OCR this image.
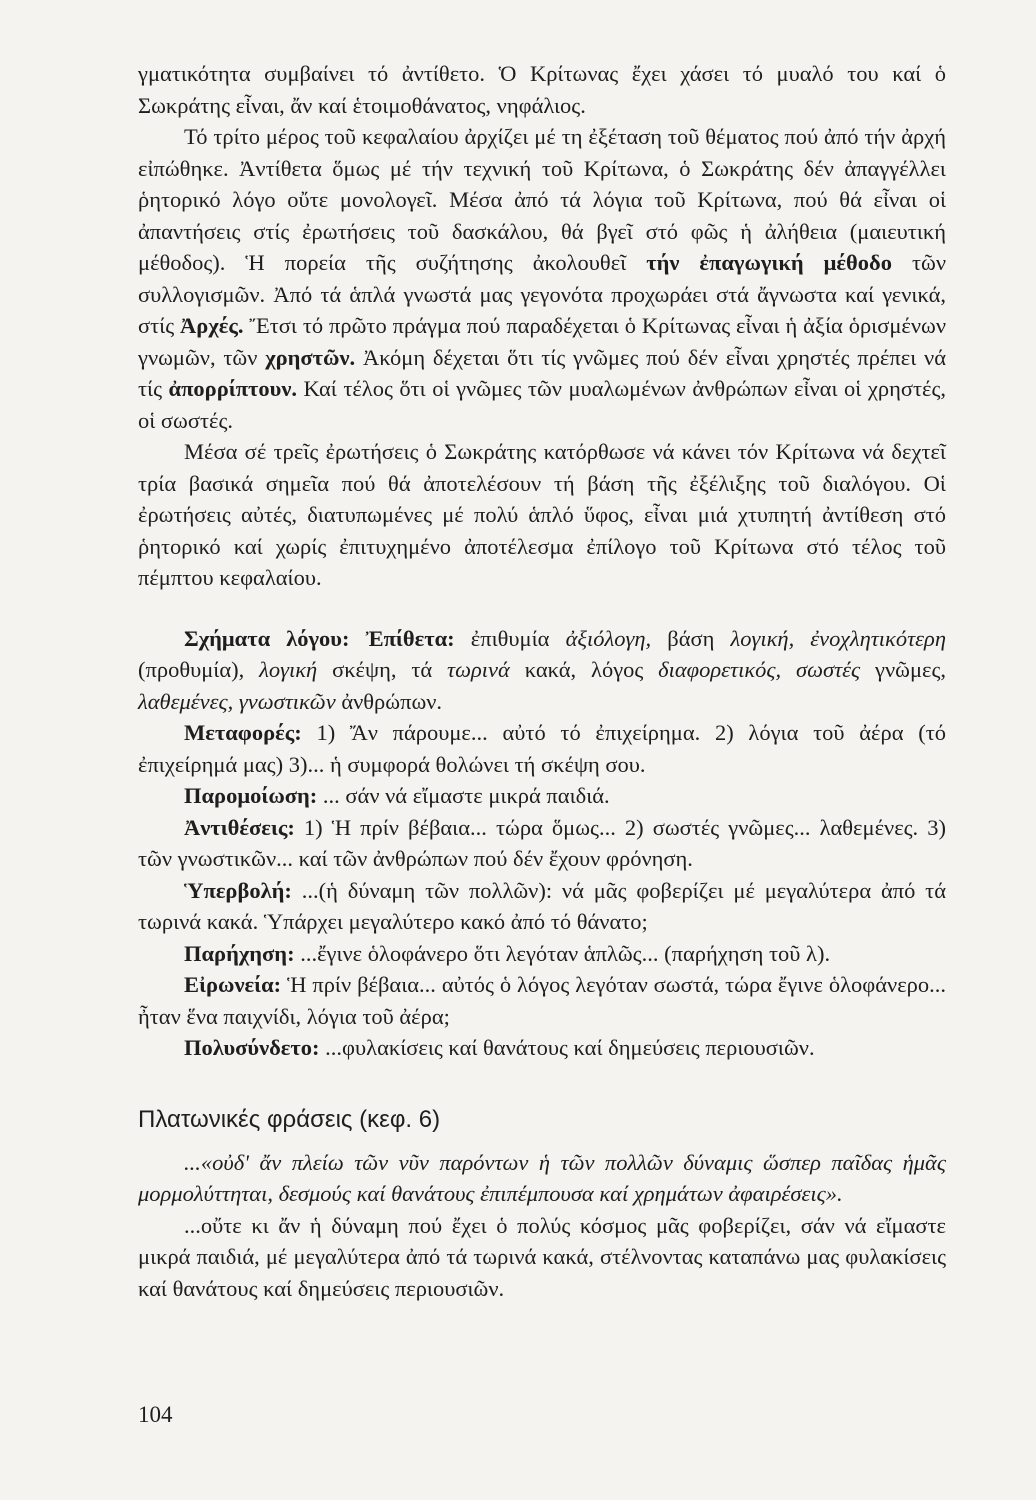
γματικότητα συμβαίνει τό ἀντίθετο. Ὁ Κρίτωνας ἔχει χάσει τό μυαλό του καί ὁ Σωκράτης εἶναι, ἄν καί ἑτοιμοθάνατος, νηφάλιος.

Τό τρίτο μέρος τοῦ κεφαλαίου ἀρχίζει μέ τη ἐξέταση τοῦ θέματος πού ἀπό τήν ἀρχή εἰπώθηκε. Ἀντίθετα ὅμως μέ τήν τεχνική τοῦ Κρίτωνα, ὁ Σωκράτης δέν ἀπαγγέλλει ῥητορικό λόγο οὔτε μονολογεῖ. Μέσα ἀπό τά λόγια τοῦ Κρίτωνα, πού θά εἶναι οἱ ἀπαντήσεις στίς ἐρωτήσεις τοῦ δασκάλου, θά βγεῖ στό φῶς ἡ ἀλήθεια (μαιευτική μέθοδος). Ἡ πορεία τῆς συζήτησης ἀκολουθεῖ τήν ἐπαγωγική μέθοδο τῶν συλλογισμῶν. Ἀπό τά ἁπλά γνωστά μας γεγονότα προχωράει στά ἄγνωστα καί γενικά, στίς Ἀρχές. Ἔτσι τό πρῶτο πράγμα πού παραδέχεται ὁ Κρίτωνας εἶναι ἡ ἀξία ὁρισμένων γνωμῶν, τῶν χρηστῶν. Ἀκόμη δέχεται ὅτι τίς γνῶμες πού δέν εἶναι χρηστές πρέπει νά τίς ἀπορρίπτουν. Καί τέλος ὅτι οἱ γνῶμες τῶν μυαλωμένων ἀνθρώπων εἶναι οἱ χρηστές, οἱ σωστές.

Μέσα σέ τρεῖς ἐρωτήσεις ὁ Σωκράτης κατόρθωσε νά κάνει τόν Κρίτωνα νά δεχτεῖ τρία βασικά σημεῖα πού θά ἀποτελέσουν τή βάση τῆς ἐξέλιξης τοῦ διαλόγου. Οἱ ἐρωτήσεις αὐτές, διατυπωμένες μέ πολύ ἁπλό ὕφος, εἶναι μιά χτυπητή ἀντίθεση στό ῥητορικό καί χωρίς ἐπιτυχημένο ἀποτέλεσμα ἐπίλογο τοῦ Κρίτωνα στό τέλος τοῦ πέμπτου κεφαλαίου.

Σχήματα λόγου: Ἐπίθετα: ἐπιθυμία ἀξιόλογη, βάση λογική, ἐνοχλητικότερη (προθυμία), λογική σκέψη, τά τωρινά κακά, λόγος διαφορετικός, σωστές γνῶμες, λαθεμένες, γνωστικῶν ἀνθρώπων.

Μεταφορές: 1) Ἄν πάρουμε... αὐτό τό ἐπιχείρημα. 2) λόγια τοῦ ἀέρα (τό ἐπιχείρημά μας) 3)... ἡ συμφορά θολώνει τή σκέψη σου.

Παρομοίωση: ... σάν νά εἴμαστε μικρά παιδιά.

Ἀντιθέσεις: 1) Ἡ πρίν βέβαια... τώρα ὅμως... 2) σωστές γνῶμες... λαθεμένες. 3) τῶν γνωστικῶν... καί τῶν ἀνθρώπων πού δέν ἔχουν φρόνηση.

Ὑπερβολή: ...(ἡ δύναμη τῶν πολλῶν): νά μᾶς φοβερίζει μέ μεγαλύτερα ἀπό τά τωρινά κακά. Ὑπάρχει μεγαλύτερο κακό ἀπό τό θάνατο;

Παρήχηση: ...ἔγινε ὁλοφάνερο ὅτι λεγόταν ἁπλῶς... (παρήχηση τοῦ λ).

Εἰρωνεία: Ἡ πρίν βέβαια... αὐτός ὁ λόγος λεγόταν σωστά, τώρα ἔγινε ὁλοφάνερο... ἦταν ἕνα παιχνίδι, λόγια τοῦ ἀέρα;

Πολυσύνδετο: ...φυλακίσεις καί θανάτους καί δημεύσεις περιουσιῶν.

Πλατωνικές φράσεις (κεφ. 6)

...«οὐδ' ἄν πλείω τῶν νῦν παρόντων ἡ τῶν πολλῶν δύναμις ὥσπερ παῖδας ἡμᾶς μορμολύττηται, δεσμούς καί θανάτους ἐπιπέμπουσα καί χρημάτων ἀφαιρέσεις».

...οὔτε κι ἄν ἡ δύναμη πού ἔχει ὁ πολύς κόσμος μᾶς φοβερίζει, σάν νά εἴμαστε μικρά παιδιά, μέ μεγαλύτερα ἀπό τά τωρινά κακά, στέλνοντας καταπάνω μας φυλακίσεις καί θανάτους καί δημεύσεις περιουσιῶν.

104
